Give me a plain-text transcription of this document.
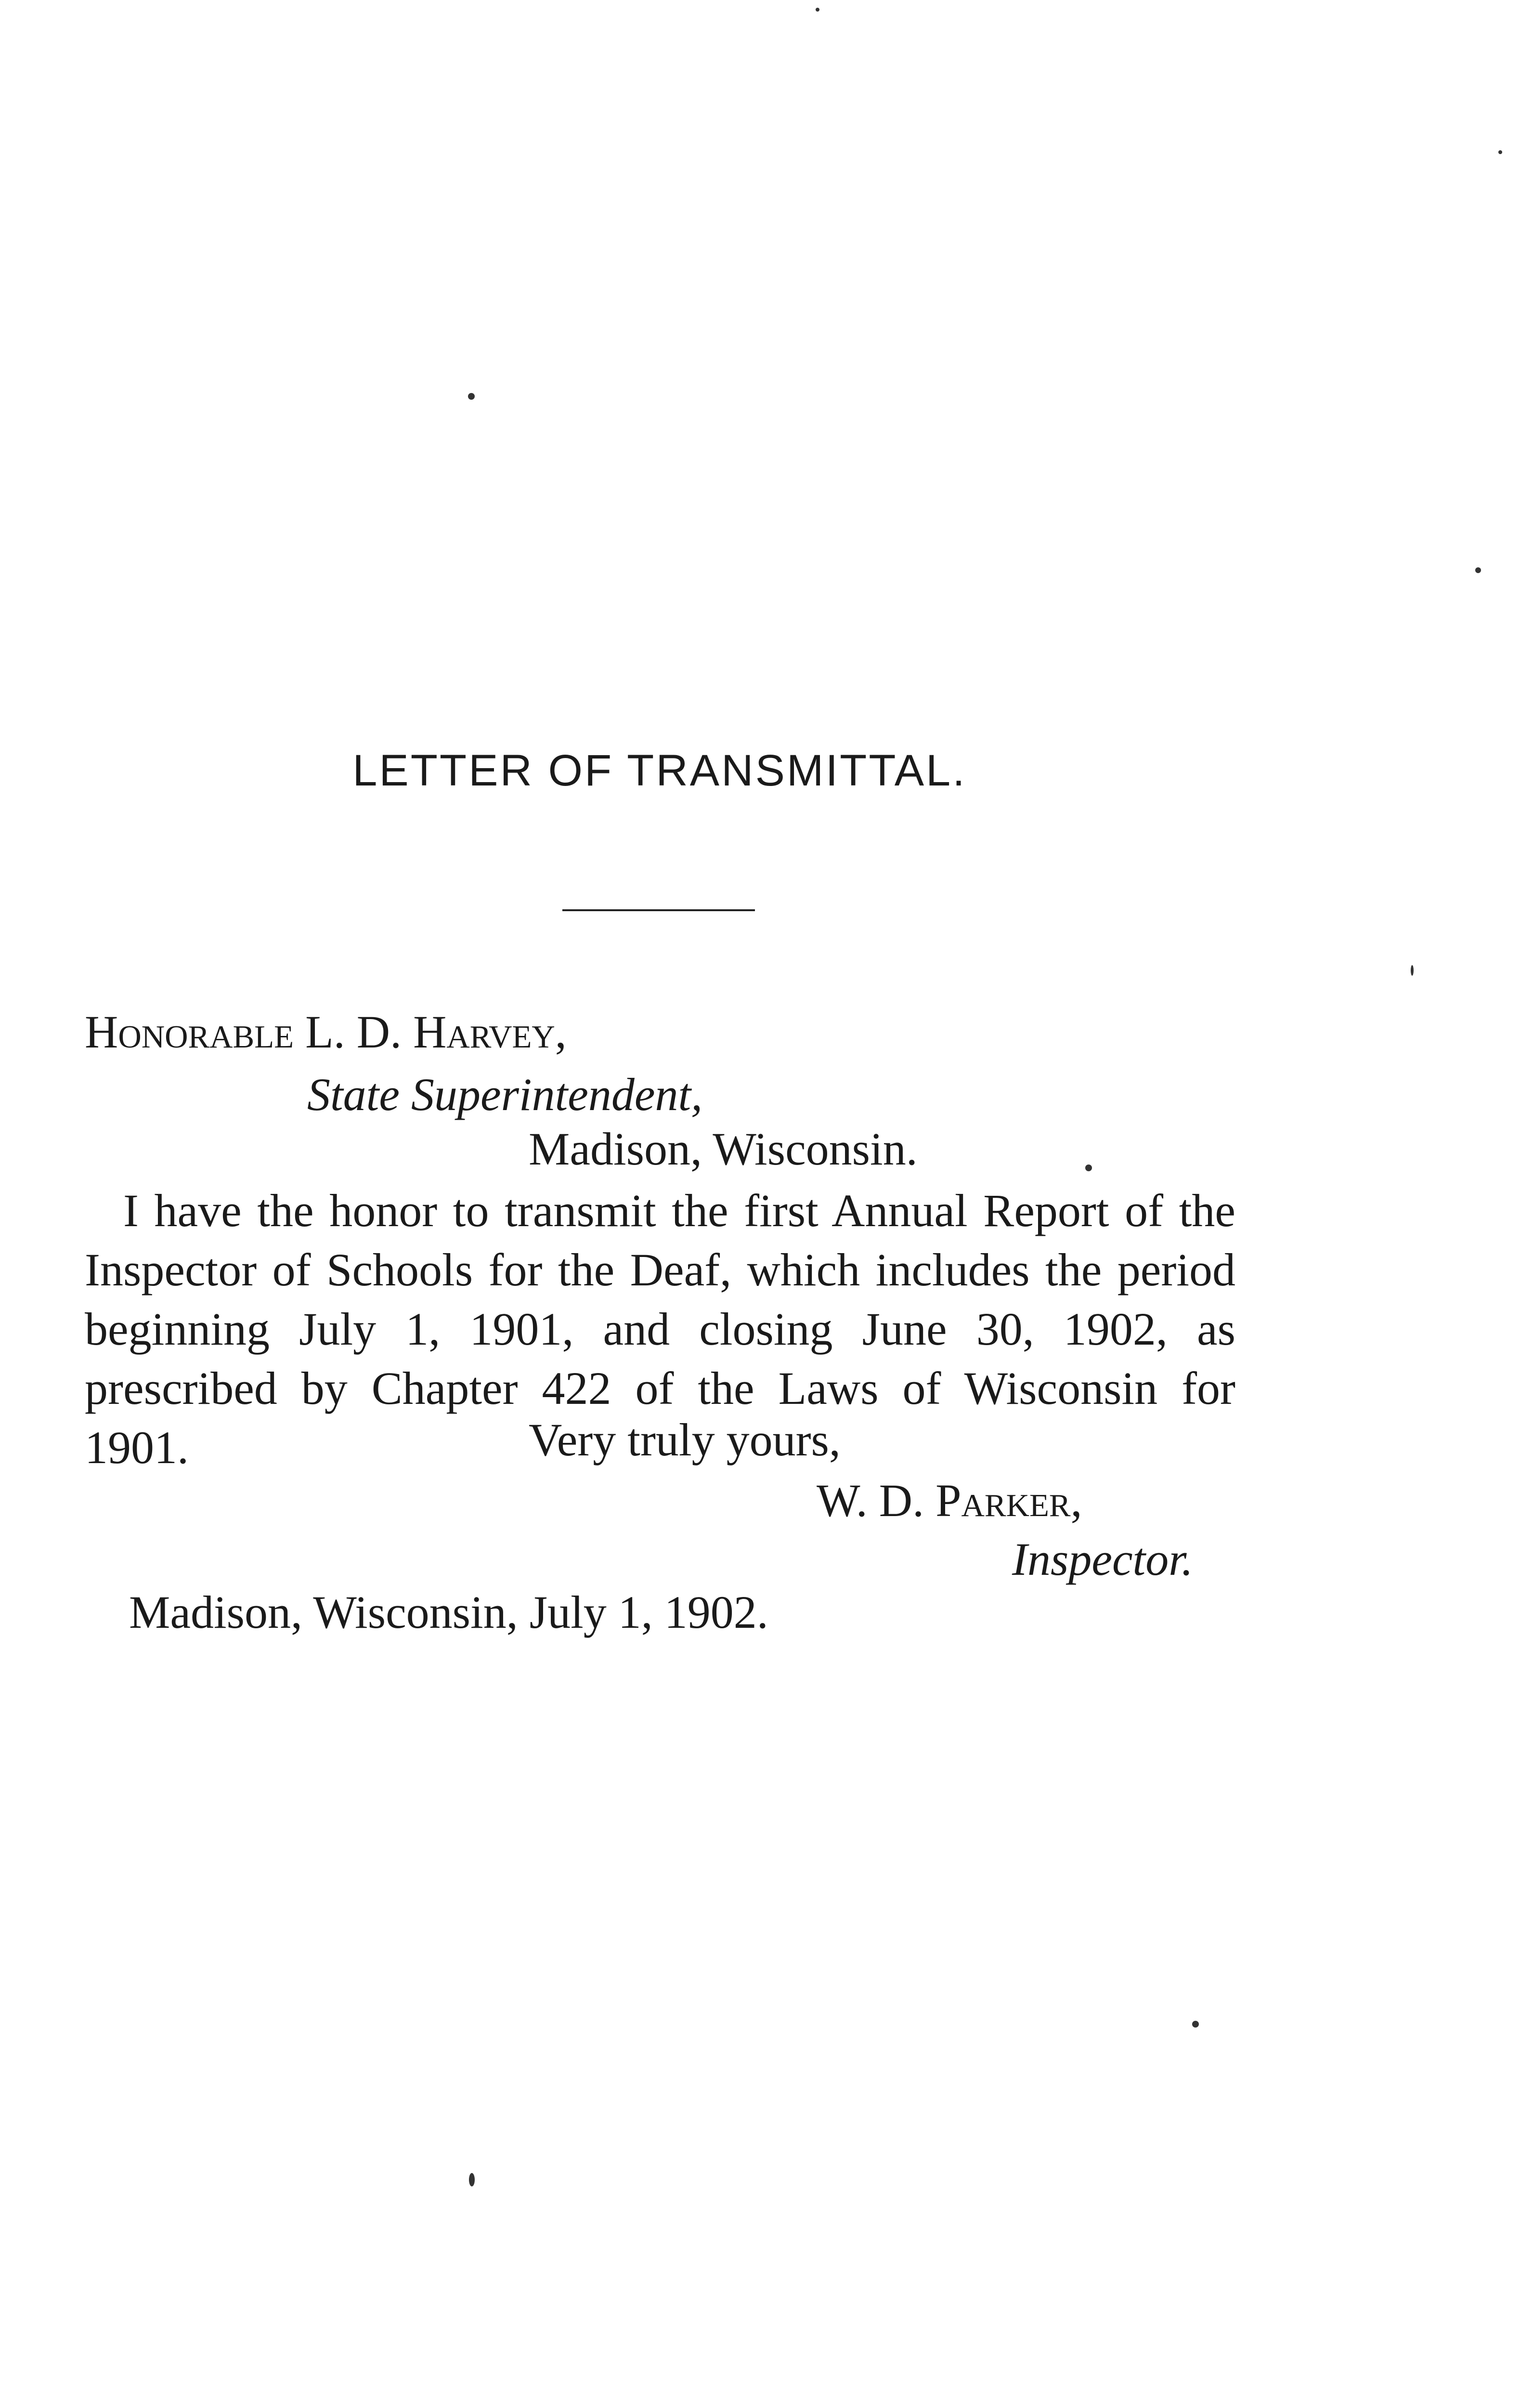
LETTER OF TRANSMITTAL.
Honorable L. D. Harvey,
State Superintendent,
Madison, Wisconsin.
I have the honor to transmit the first Annual Report of the Inspector of Schools for the Deaf, which includes the period beginning July 1, 1901, and closing June 30, 1902, as prescribed by Chapter 422 of the Laws of Wisconsin for 1901.	Very truly yours,
W. D. Parker,
Inspector.
Madison, Wisconsin, July 1, 1902.
